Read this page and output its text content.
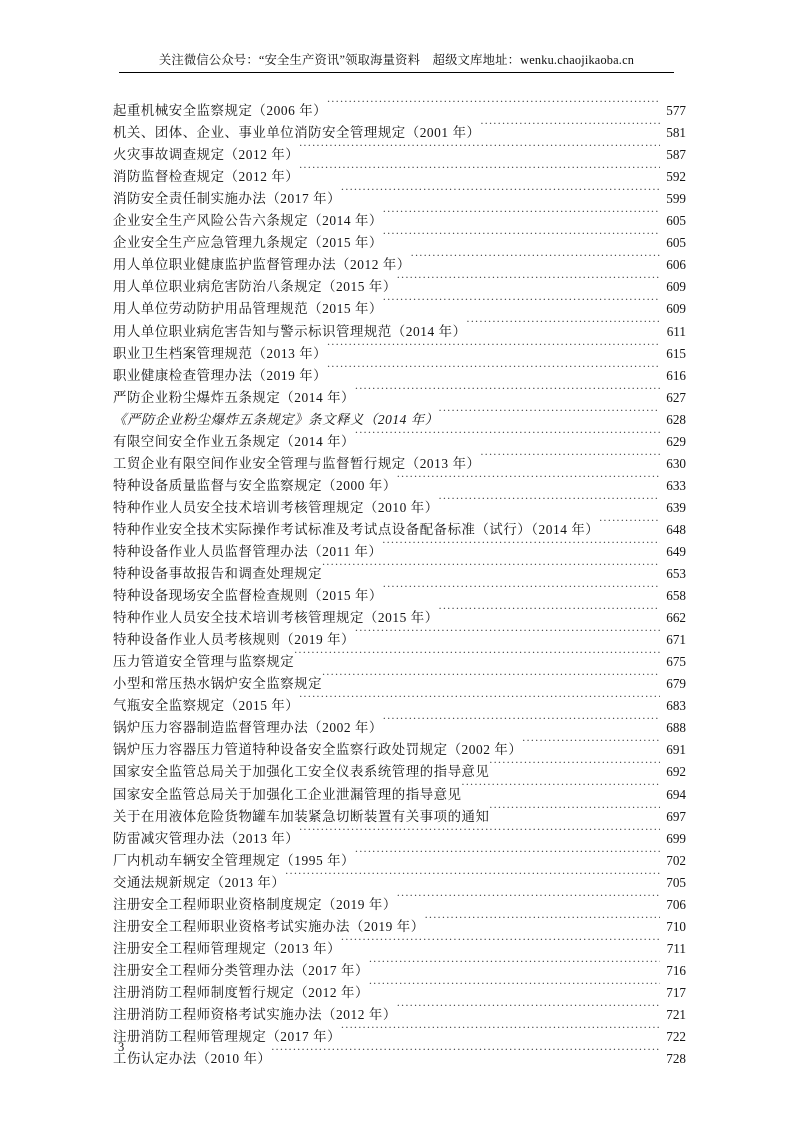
关注微信公众号：“安全生产资讯”领取海量资料　超级文库地址：wenku.chaojikaoba.cn
起重机械安全监察规定（2006 年） .....	577
机关、团体、企业、事业单位消防安全管理规定（2001 年） .....	581
火灾事故调查规定（2012 年） .....	587
消防监督检查规定（2012 年） .....	592
消防安全责任制实施办法（2017 年） .....	599
企业安全生产风险公告六条规定（2014 年） .....	605
企业安全生产应急管理九条规定（2015 年） .....	605
用人单位职业健康监护监督管理办法（2012 年） .....	606
用人单位职业病危害防治八条规定（2015 年） .....	609
用人单位劳动防护用品管理规范（2015 年） .....	609
用人单位职业病危害告知与警示标识管理规范（2014 年） .....	611
职业卫生档案管理规范（2013 年） .....	615
职业健康检查管理办法（2019 年） .....	616
严防企业粉尘爆炸五条规定（2014 年） .....	627
《严防企业粉尘爆炸五条规定》条文释义（2014 年） .....	628
有限空间安全作业五条规定（2014 年） .....	629
工贸企业有限空间作业安全管理与监督暂行规定（2013 年） .....	630
特种设备质量监督与安全监察规定（2000 年） .....	633
特种作业人员安全技术培训考核管理规定（2010 年） .....	639
特种作业安全技术实际操作考试标准及考试点设备配备标准（试行）（2014 年） .....	648
特种设备作业人员监督管理办法（2011 年） .....	649
特种设备事故报告和调查处理规定 .....	653
特种设备现场安全监督检查规则（2015 年） .....	658
特种作业人员安全技术培训考核管理规定（2015 年） .....	662
特种设备作业人员考核规则（2019 年） .....	671
压力管道安全管理与监察规定 .....	675
小型和常压热水锅炉安全监察规定 .....	679
气瓶安全监察规定（2015 年） .....	683
锅炉压力容器制造监督管理办法（2002 年） .....	688
锅炉压力容器压力管道特种设备安全监察行政处罚规定（2002 年） .....	691
国家安全监管总局关于加强化工安全仪表系统管理的指导意见 .....	692
国家安全监管总局关于加强化工企业泄漏管理的指导意见 .....	694
关于在用液体危险货物罐车加装紧急切断装置有关事项的通知 .....	697
防雷减灾管理办法（2013 年） .....	699
厂内机动车辆安全管理规定（1995 年） .....	702
交通法规新规定（2013 年） .....	705
注册安全工程师职业资格制度规定（2019 年） .....	706
注册安全工程师职业资格考试实施办法（2019 年） .....	710
注册安全工程师管理规定（2013 年） .....	711
注册安全工程师分类管理办法（2017 年） .....	716
注册消防工程师制度暂行规定（2012 年） .....	717
注册消防工程师资格考试实施办法（2012 年） .....	721
注册消防工程师管理规定（2017 年） .....	722
工伤认定办法（2010 年） .....	728
3
